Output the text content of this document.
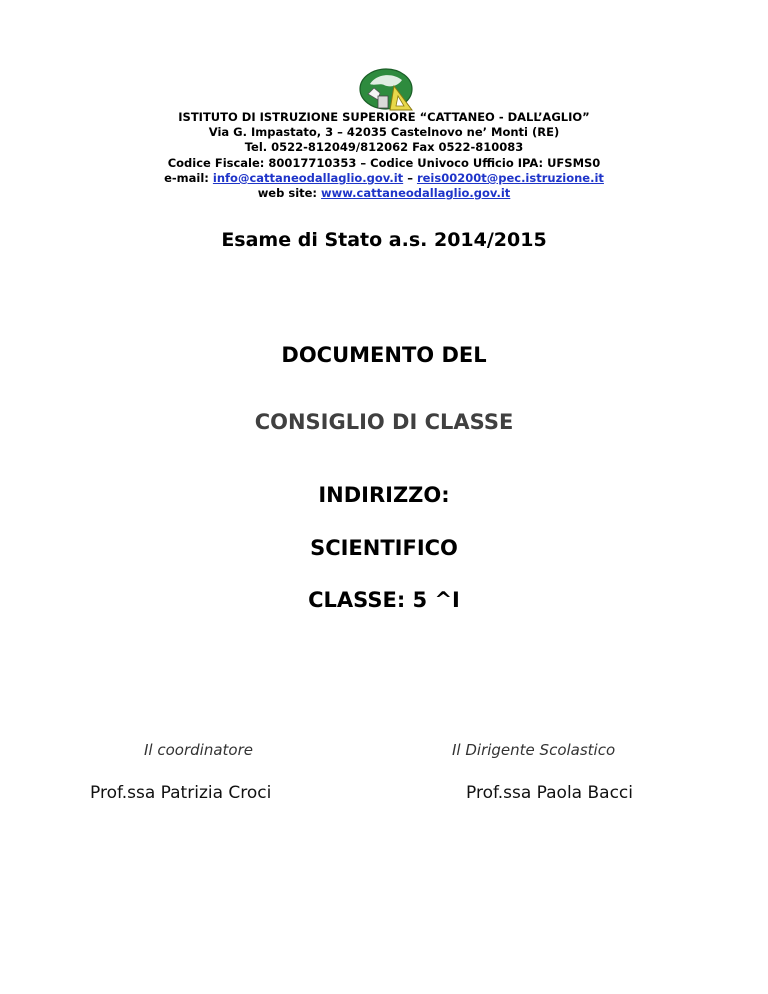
ISTITUTO DI ISTRUZIONE SUPERIORE “CATTANEO - DALL’AGLIO”
Via G. Impastato, 3 – 42035 Castelnovo ne’ Monti (RE)
Tel. 0522-812049/812062 Fax 0522-810083
Codice Fiscale: 80017710353 – Codice Univoco Ufficio IPA: UFSMS0
e-mail: info@cattaneodallaglio.gov.it – reis00200t@pec.istruzione.it
web site: www.cattaneodallaglio.gov.it
Esame di Stato a.s. 2014/2015
DOCUMENTO DEL
CONSIGLIO DI CLASSE
INDIRIZZO:
SCIENTIFICO
CLASSE: 5 ^I
Il coordinatore
Prof.ssa Patrizia Croci
Il Dirigente Scolastico
Prof.ssa Paola Bacci
